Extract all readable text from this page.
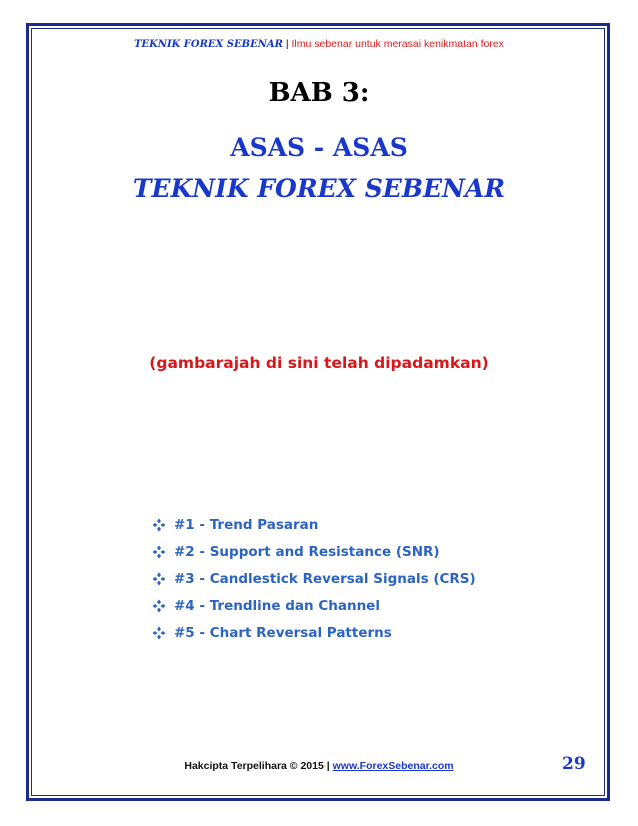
TEKNIK FOREX SEBENAR | Ilmu sebenar untuk merasai kenikmatan forex
BAB 3:
ASAS - ASAS
TEKNIK FOREX SEBENAR
(gambarajah di sini telah dipadamkan)
#1 - Trend Pasaran
#2 - Support and Resistance (SNR)
#3 - Candlestick Reversal Signals (CRS)
#4 - Trendline dan Channel
#5 - Chart Reversal Patterns
Hakcipta Terpelihara © 2015 | www.ForexSebenar.com	29
